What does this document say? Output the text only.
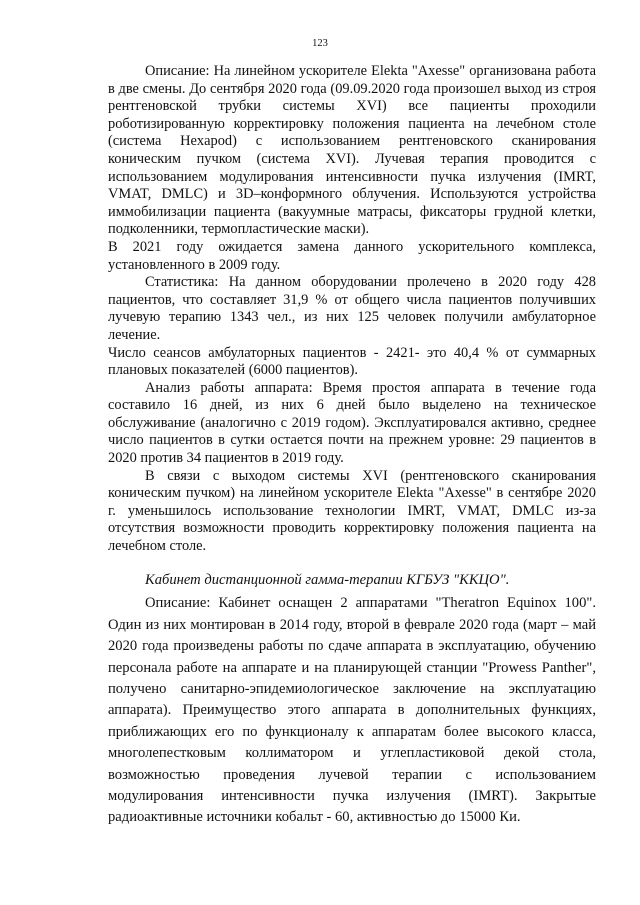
123

Описание: На линейном ускорителе Elekta "Axesse" организована работа в две смены. До сентября 2020 года (09.09.2020 года произошел выход из строя рентгеновской трубки системы XVI) все пациенты проходили роботизированную корректировку положения пациента на лечебном столе (система Hexapod) с использованием рентгеновского сканирования коническим пучком (система XVI). Лучевая терапия проводится с использованием модулирования интенсивности пучка излучения (IMRT, VMAT, DMLC) и 3D–конформного облучения. Используются устройства иммобилизации пациента (вакуумные матрасы, фиксаторы грудной клетки, подколенники, термопластические маски).

В 2021 году ожидается замена данного ускорительного комплекса, установленного в 2009 году.

Статистика: На данном оборудовании пролечено в 2020 году 428 пациентов, что составляет 31,9 % от общего числа пациентов получивших лучевую терапию 1343 чел., из них 125 человек получили амбулаторное лечение.

Число сеансов амбулаторных пациентов - 2421- это 40,4 % от суммарных плановых показателей (6000 пациентов).

Анализ работы аппарата: Время простоя аппарата в течение года составило 16 дней, из них 6 дней было выделено на техническое обслуживание (аналогично с 2019 годом). Эксплуатировался активно, среднее число пациентов в сутки остается почти на прежнем уровне: 29 пациентов в 2020 против 34 пациентов в 2019 году.

В связи с выходом системы XVI (рентгеновского сканирования коническим пучком) на линейном ускорителе Elekta "Axesse" в сентябре 2020 г. уменьшилось использование технологии IMRT, VMAT, DMLC из-за отсутствия возможности проводить корректировку положения пациента на лечебном столе.

Кабинет дистанционной гамма-терапии КГБУЗ "ККЦО".

Описание: Кабинет оснащен 2 аппаратами "Theratron Equinox 100". Один из них монтирован в 2014 году, второй в феврале 2020 года (март – май 2020 года произведены работы по сдаче аппарата в эксплуатацию, обучению персонала работе на аппарате и на планирующей станции "Prowess Panther", получено санитарно-эпидемиологическое заключение на эксплуатацию аппарата). Преимущество этого аппарата в дополнительных функциях, приближающих его по функционалу к аппаратам более высокого класса, многолепестковым коллиматором и углепластиковой декой стола, возможностью проведения лучевой терапии с использованием модулирования интенсивности пучка излучения (IMRT). Закрытые радиоактивные источники кобальт - 60, активностью до 15000 Ки.
